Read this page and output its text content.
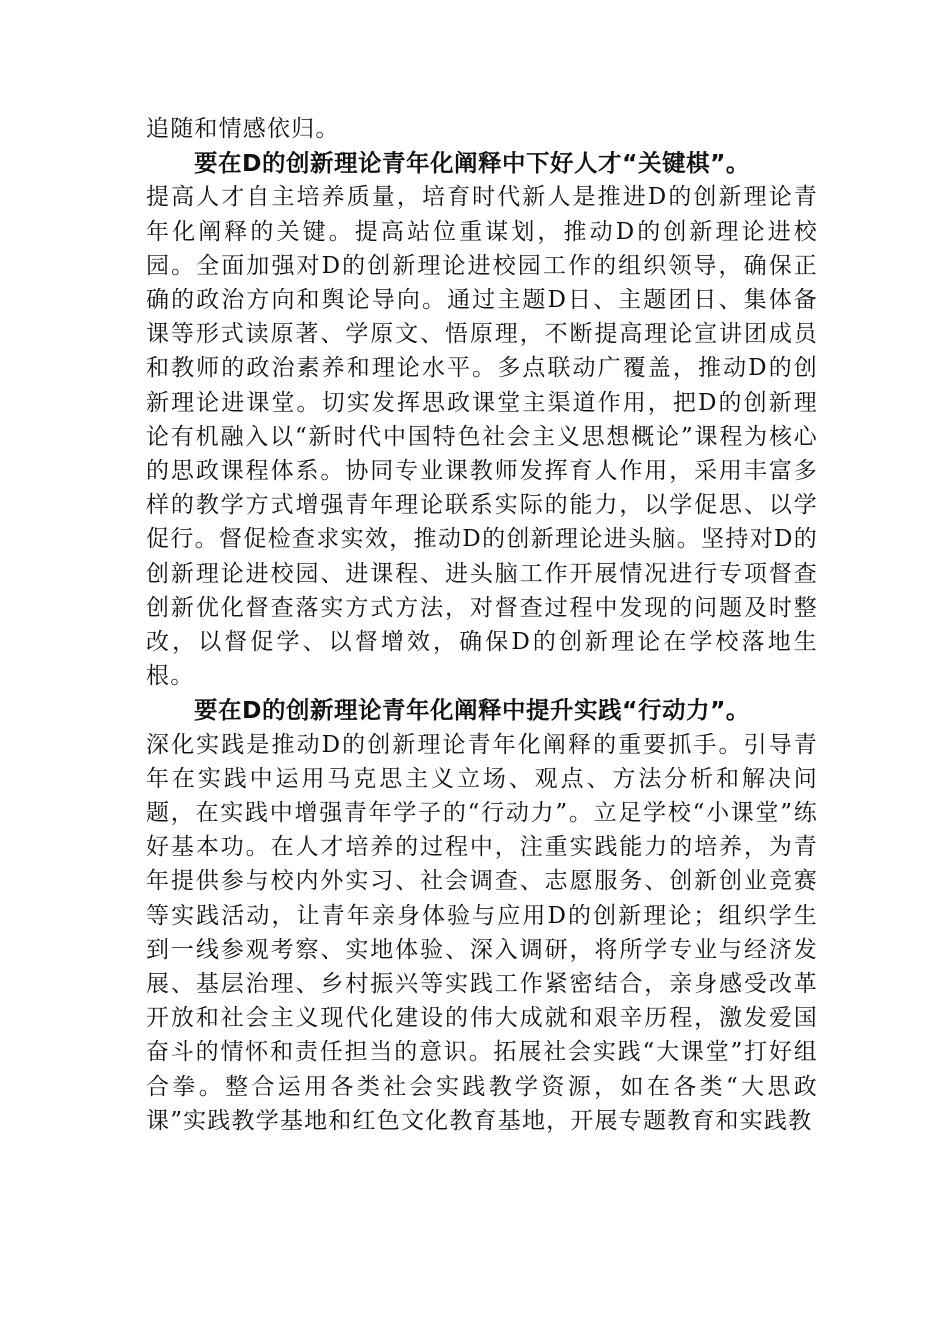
追随和情感依归。

要在D的创新理论青年化阐释中下好人才“关键棋”。

提高人才自主培养质量，培育时代新人是推进D的创新理论青年化阐释的关键。提高站位重谋划，推动D的创新理论进校园。全面加强对D的创新理论进校园工作的组织领导，确保正确的政治方向和舆论导向。通过主题D日、主题团日、集体备课等形式读原著、学原文、悟原理，不断提高理论宣讲团成员和教师的政治素养和理论水平。多点联动广覆盖，推动D的创新理论进课堂。切实发挥思政课堂主渠道作用，把D的创新理论有机融入以“新时代中国特色社会主义思想概论”课程为核心的思政课程体系。协同专业课教师发挥育人作用，采用丰富多样的教学方式增强青年理论联系实际的能力，以学促思、以学促行。督促检查求实效，推动D的创新理论进头脑。坚持对D的创新理论进校园、进课程、进头脑工作开展情况进行专项督查创新优化督查落实方式方法，对督查过程中发现的问题及时整改，以督促学、以督增效，确保D的创新理论在学校落地生根。

要在D的创新理论青年化阐释中提升实践“行动力”。

深化实践是推动D的创新理论青年化阐释的重要抓手。引导青年在实践中运用马克思主义立场、观点、方法分析和解决问题，在实践中增强青年学子的“行动力”。立足学校“小课堂”练好基本功。在人才培养的过程中，注重实践能力的培养，为青年提供参与校内外实习、社会调查、志愿服务、创新创业竞赛等实践活动，让青年亲身体验与应用D的创新理论；组织学生到一线参观考察、实地体验、深入调研，将所学专业与经济发展、基层治理、乡村振兴等实践工作紧密结合，亲身感受改革开放和社会主义现代化建设的伟大成就和艰辛历程，激发爱国奋斗的情怀和责任担当的意识。拓展社会实践“大课堂”打好组合拳。整合运用各类社会实践教学资源，如在各类“大思政课”实践教学基地和红色文化教育基地，开展专题教育和实践教
